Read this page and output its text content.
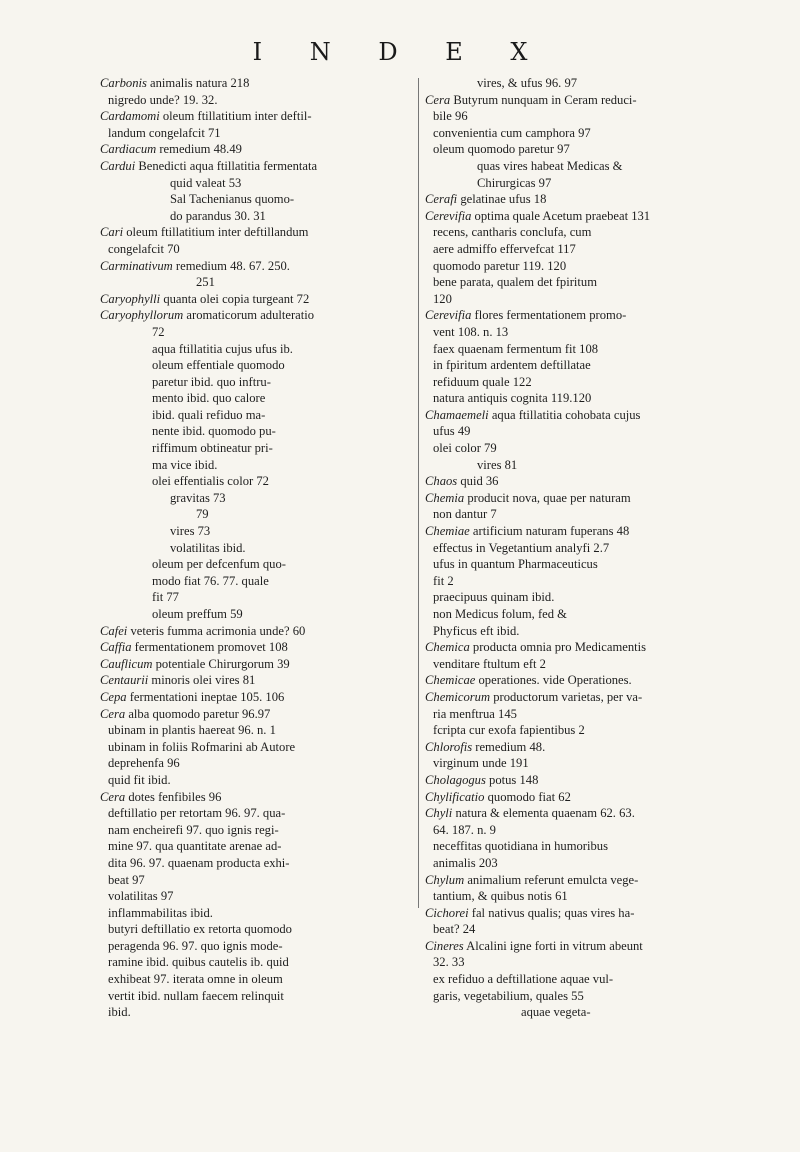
I N D E X
Carbonis animalis natura 218
nigredo unde? 19. 32.
Cardamomi oleum ftillatitium inter deftil-
landum congelafcit 71
Cardiacum remedium 48.49
Cardui Benedicti aqua ftillatitia fermentata
quid valeat 53
Sal Tachenianus quomo-
do parandus 30. 31
Cari oleum ftillatitium inter deftillandum
congelafcit 70
Carminativum remedium 48. 67. 250.
251
Caryophylli quanta olei copia turgeant 72
Caryophyllorum aromaticorum adulteratio
72
aqua ftillatitia cujus ufus ib.
oleum effentiale quomodo
paretur ibid. quo inftru-
mento ibid. quo calore
ibid. quali refiduo ma-
nente ibid. quomodo pu-
riffimum obtineatur pri-
ma vice ibid.
olei effentialis color 72
gravitas 73
79
vires 73
volatilitas ibid.
oleum per defcenfum quo-
modo fiat 76. 77. quale
fit 77
oleum preffum 59
Cafei veteris fumma acrimonia unde? 60
Caffia fermentationem promovet 108
Cauflicum potentiale Chirurgorum 39
Centaurii minoris olei vires 81
Cepa fermentationi ineptae 105. 106
Cera alba quomodo paretur 96.97
ubinam in plantis haereat 96. n. 1
ubinam in foliis Rofmarini ab Autore
deprehenfa 96
quid fit ibid.
Cera dotes fenfibiles 96
deftillatio per retortam 96. 97. qua-
nam encheirefi 97. quo ignis regi-
mine 97. qua quantitate arenae ad-
dita 96. 97. quaenam producta exhi-
beat 97
volatilitas 97
inflammabilitas ibid.
butyri deftillatio ex retorta quomodo
peragenda 96. 97. quo ignis mode-
ramine ibid. quibus cautelis ib. quid
exhibeat 97. iterata omne in oleum
vertit ibid. nullam faecem relinquit
ibid.
vires, & ufus 96. 97
Cera Butyrum nunquam in Ceram reduci-
bile 96
convenientia cum camphora 97
oleum quomodo paretur 97
quas vires habeat Medicas &
Chirurgicas 97
Cerafi gelatinae ufus 18
Cerevifia optima quale Acetum praebeat 131
recens, cantharis conclufa, cum
aere admiffo effervefcat 117
quomodo paretur 119. 120
bene parata, qualem det fpiritum
120
Cerevifia flores fermentationem promo-
vent 108. n. 13
faex quaenam fermentum fit 108
in fpiritum ardentem deftillatae
refiduum quale 122
natura antiquis cognita 119.120
Chamaemeli aqua ftillatitia cohobata cujus
ufus 49
olei color 79
vires 81
Chaos quid 36
Chemia producit nova, quae per naturam
non dantur 7
Chemiae artificium naturam fuperans 48
effectus in Vegetantium analyfi 2.7
ufus in quantum Pharmaceuticus
fit 2
praecipuus quinam ibid.
non Medicus folum, fed &
Phyficus eft ibid.
Chemica producta omnia pro Medicamentis
venditare ftultum eft 2
Chemicae operationes. vide Operationes.
Chemicorum productorum varietas, per va-
ria menftrua 145
fcripta cur exofa fapientibus 2
Chlorofis remedium 48.
virginum unde 191
Cholagogus potus 148
Chylificatio quomodo fiat 62
Chyli natura & elementa quaenam 62. 63.
64. 187. n. 9
neceffitas quotidiana in humoribus
animalis 203
Chylum animalium referunt emulcta vege-
tantium, & quibus notis 61
Cichorei fal nativus qualis; quas vires ha-
beat? 24
Cineres Alcalini igne forti in vitrum abeunt
32. 33
ex refiduo a deftillatione aquae vul-
garis, vegetabilium, quales 55
aquae vegeta-
